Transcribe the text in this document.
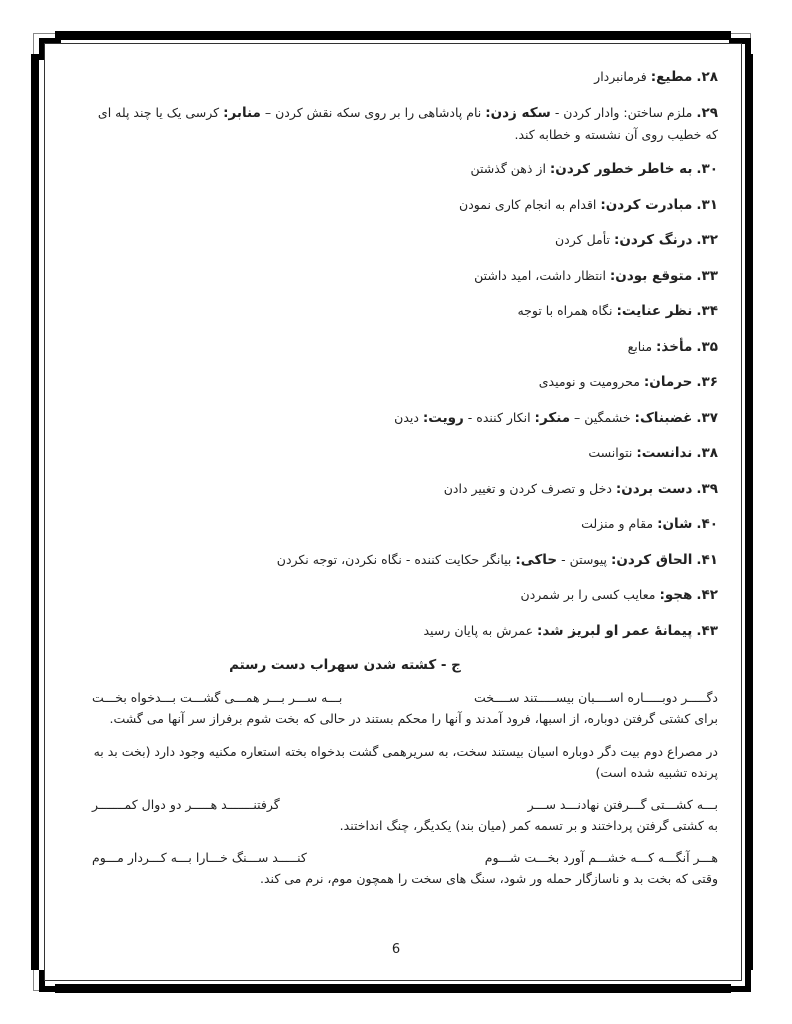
۲۸. مطیع: فرمانبردار
۲۹. ملزم ساختن: وادار کردن - سکه زدن: نام پادشاهی را بر روی سکه نقش کردن – منابر: کرسی یک یا چند پله ای که خطیب روی آن نشسته و خطابه کند.
۳۰. به خاطر خطور کردن: از ذهن گذشتن
۳۱. مبادرت کردن: اقدام به انجام کاری نمودن
۳۲. درنگ کردن: تأمل کردن
۳۳. متوقع بودن: انتظار داشت، امید داشتن
۳۴. نظر عنایت: نگاه همراه با توجه
۳۵. مأخذ: منابع
۳۶. حرمان: محرومیت و نومیدی
۳۷. غضبناک: خشمگین – منکر: انکار کننده - رویت: دیدن
۳۸. ندانست: نتوانست
۳۹. دست بردن: دخل و تصرف کردن و تغییر دادن
۴۰. شان: مقام و منزلت
۴۱. الحاق کردن: پیوستن - حاکی: بیانگر حکایت کننده - نگاه نکردن، توجه نکردن
۴۲. هجو: معایب کسی را بر شمردن
۴۳. پیمانهٔ عمر او لبریز شد: عمرش به پایان رسید
ج - کشته شدن سهراب دست رستم
دگـــــر دوبـــــاره اســــبان بیســـــتند ســــخت
بـــه ســـر بـــر همـــی گشـــت بـــدخواه بخـــت
برای کشتی گرفتن دوباره، از اسبها، فرود آمدند و آنها را محکم بستند در حالی که بخت شوم برفراز سر آنها می گشت.
در مصراع دوم بیت دگر دوباره اسیان بیستند سخت، به سریرهمی گشت بدخواه بخته استعاره مکنیه وجود دارد (بخت بد به پرنده تشبیه شده است)
بـــه کشـــتی گـــرفتن نهادنـــد ســـر
گرفتنـــــــد هـــــر دو دوال کمـــــــر
به کشتی گرفتن پرداختند و بر تسمه کمر (میان بند) یکدیگر، چنگ انداختند.
هـــر آنگـــه کـــه خشـــم آورد بخـــت شـــوم
کنـــــد ســـنگ خـــارا بـــه کـــردار مـــوم
وقتی که بخت بد و ناسازگار حمله ور شود، سنگ های سخت را همچون موم، نرم می کند.
6
